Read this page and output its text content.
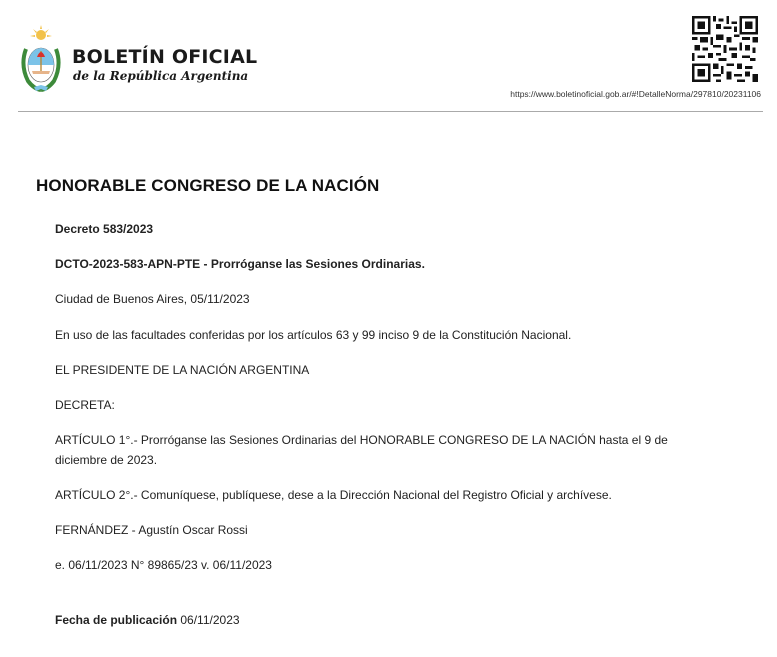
BOLETÍN OFICIAL
de la República Argentina
https://www.boletinoficial.gob.ar/#!DetalleNorma/297810/20231106
HONORABLE CONGRESO DE LA NACIÓN
Decreto 583/2023
DCTO-2023-583-APN-PTE - Prorróganse las Sesiones Ordinarias.
Ciudad de Buenos Aires, 05/11/2023
En uso de las facultades conferidas por los artículos 63 y 99 inciso 9 de la Constitución Nacional.
EL PRESIDENTE DE LA NACIÓN ARGENTINA
DECRETA:
ARTÍCULO 1°.- Prorróganse las Sesiones Ordinarias del HONORABLE CONGRESO DE LA NACIÓN hasta el 9 de
diciembre de 2023.
ARTÍCULO 2°.- Comuníquese, publíquese, dese a la Dirección Nacional del Registro Oficial y archívese.
FERNÁNDEZ - Agustín Oscar Rossi
e. 06/11/2023 N° 89865/23 v. 06/11/2023
Fecha de publicación 06/11/2023
